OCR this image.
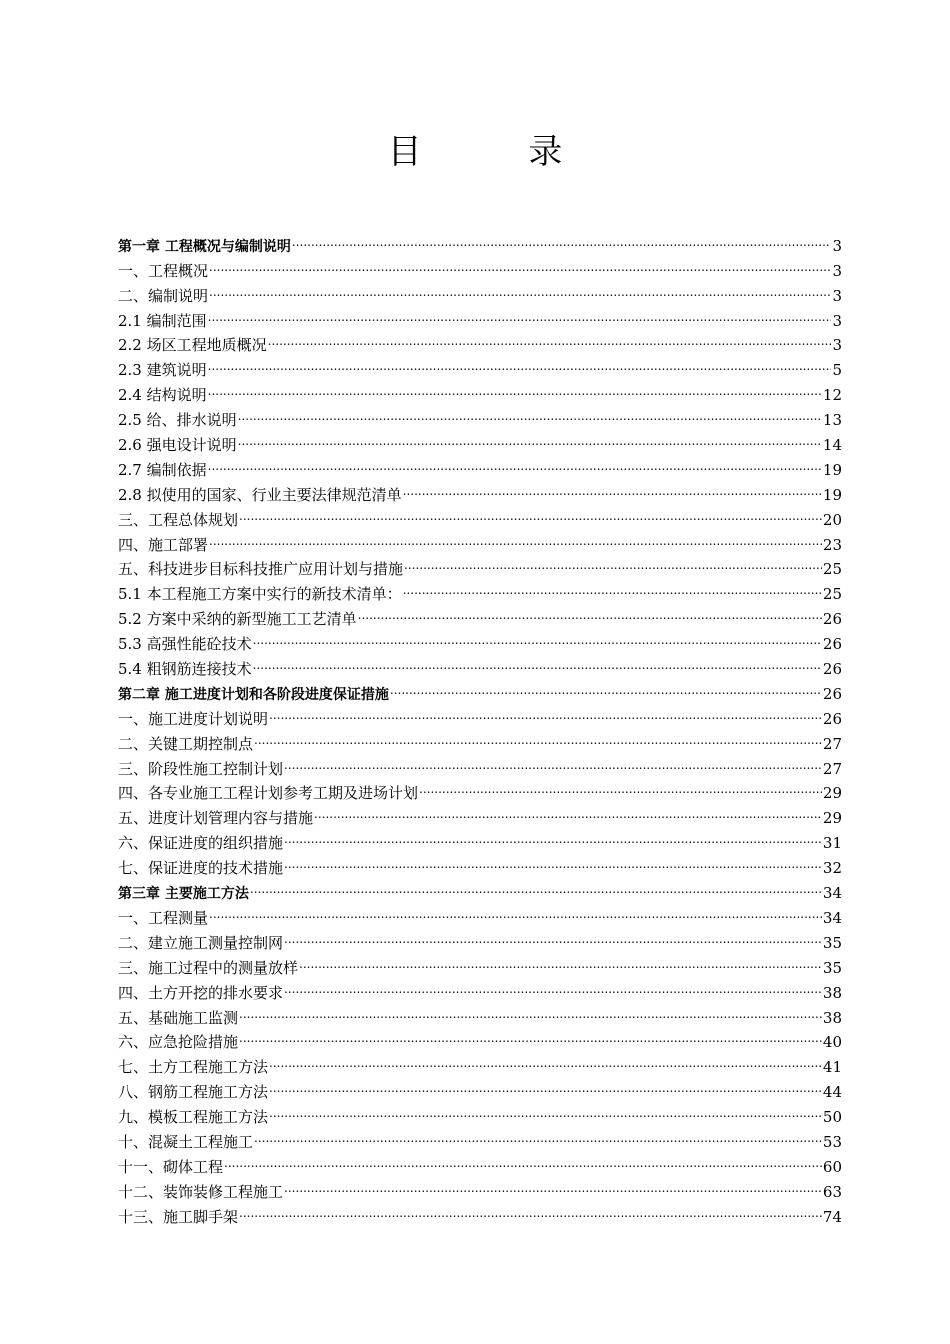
目 录
第一章 工程概况与编制说明 .....	3
一、工程概况 .....	3
二、编制说明 .....	3
2.1 编制范围 .....	3
2.2 场区工程地质概况 .....	3
2.3 建筑说明 .....	5
2.4 结构说明 .....	12
2.5 给、排水说明 .....	13
2.6 强电设计说明 .....	14
2.7 编制依据 .....	19
2.8 拟使用的国家、行业主要法律规范清单 .....	19
三、工程总体规划 .....	20
四、施工部署 .....	23
五、科技进步目标科技推广应用计划与措施 .....	25
5.1 本工程施工方案中实行的新技术清单： .....	25
5.2 方案中采纳的新型施工工艺清单 .....	26
5.3 高强性能砼技术 .....	26
5.4 粗钢筋连接技术 .....	26
第二章 施工进度计划和各阶段进度保证措施 .....	26
一、施工进度计划说明 .....	26
二、关键工期控制点 .....	27
三、阶段性施工控制计划 .....	27
四、各专业施工工程计划参考工期及进场计划 .....	29
五、进度计划管理内容与措施 .....	29
六、保证进度的组织措施 .....	31
七、保证进度的技术措施 .....	32
第三章 主要施工方法 .....	34
一、工程测量 .....	34
二、建立施工测量控制网 .....	35
三、施工过程中的测量放样 .....	35
四、土方开挖的排水要求 .....	38
五、基础施工监测 .....	38
六、应急抢险措施 .....	40
七、土方工程施工方法 .....	41
八、钢筋工程施工方法 .....	44
九、模板工程施工方法 .....	50
十、混凝土工程施工 .....	53
十一、砌体工程 .....	60
十二、装饰装修工程施工 .....	63
十三、施工脚手架 .....	74
